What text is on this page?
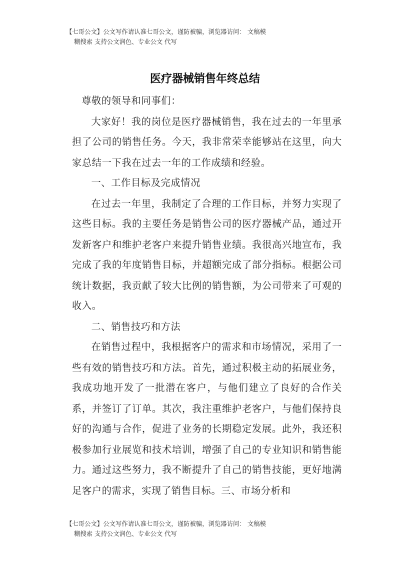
【七哥公文】公文写作请认准七哥公文，谨防被骗，浏览器访问： 文稿模
糊搜索 支持公文润色、专业公文 代写
医疗器械销售年终总结

尊敬的领导和同事们：

大家好！我的岗位是医疗器械销售，我在过去的一年里承担了公司的销售任务。今天，我非常荣幸能够站在这里，向大家总结一下我在过去一年的工作成绩和经验。

一、工作目标及完成情况

在过去一年里，我制定了合理的工作目标，并努力实现了这些目标。我的主要任务是销售公司的医疗器械产品，通过开发新客户和维护老客户来提升销售业绩。我很高兴地宣布，我完成了我的年度销售目标，并超额完成了部分指标。根据公司统计数据，我贡献了较大比例的销售额，为公司带来了可观的收入。

二、销售技巧和方法

在销售过程中，我根据客户的需求和市场情况，采用了一些有效的销售技巧和方法。首先，通过积极主动的拓展业务，我成功地开发了一批潜在客户，与他们建立了良好的合作关系，并签订了订单。其次，我注重维护老客户，与他们保持良好的沟通与合作，促进了业务的长期稳定发展。此外，我还积极参加行业展览和技术培训，增强了自己的专业知识和销售能力。通过这些努力，我不断提升了自己的销售技能，更好地满足客户的需求，实现了销售目标。三、市场分析和

【七哥公文】公文写作请认准七哥公文，谨防被骗，浏览器访问： 文稿模
糊搜索 支持公文润色、专业公文 代写
